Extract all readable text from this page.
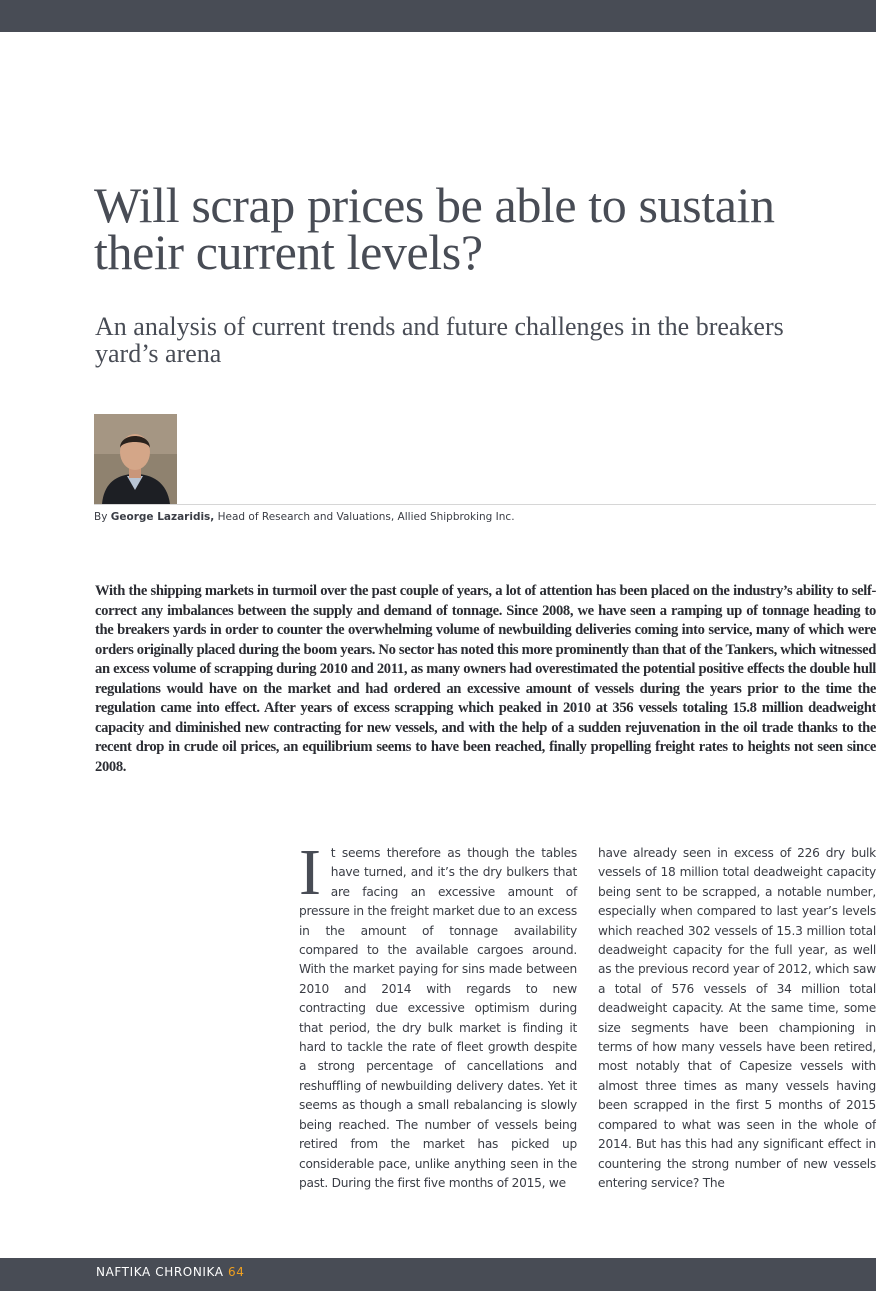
Will scrap prices be able to sustain their current levels?
An analysis of current trends and future challenges in the breakers yard’s arena
By George Lazaridis, Head of Research and Valuations, Allied Shipbroking Inc.

With the shipping markets in turmoil over the past couple of years, a lot of attention has been placed on the industry’s ability to self-correct any imbalances between the supply and demand of tonnage. Since 2008, we have seen a ramping up of tonnage heading to the breakers yards in order to counter the overwhelming volume of newbuilding deliveries coming into service, many of which were orders originally placed during the boom years. No sector has noted this more prominently than that of the Tankers, which witnessed an excess volume of scrapping during 2010 and 2011, as many owners had overestimated the potential positive effects the double hull regulations would have on the market and had ordered an excessive amount of vessels during the years prior to the time the regulation came into effect. After years of excess scrapping which peaked in 2010 at 356 vessels totaling 15.8 million deadweight capacity and diminished new contracting for new vessels, and with the help of a sudden rejuvenation in the oil trade thanks to the recent drop in crude oil prices, an equilibrium seems to have been reached, finally propelling freight rates to heights not seen since 2008.

It seems therefore as though the tables have turned, and it’s the dry bulkers that are facing an excessive amount of pressure in the freight market due to an excess in the amount of tonnage availability compared to the available cargoes around. With the market paying for sins made between 2010 and 2014 with regards to new contracting due excessive optimism during that period, the dry bulk market is finding it hard to tackle the rate of fleet growth despite a strong percentage of cancellations and reshuffling of newbuilding delivery dates. Yet it seems as though a small rebalancing is slowly being reached. The number of vessels being retired from the market has picked up considerable pace, unlike anything seen in the past. During the first five months of 2015, we

have already seen in excess of 226 dry bulk vessels of 18 million total deadweight capacity being sent to be scrapped, a notable number, especially when compared to last year’s levels which reached 302 vessels of 15.3 million total deadweight capacity for the full year, as well as the previous record year of 2012, which saw a total of 576 vessels of 34 million total deadweight capacity. At the same time, some size segments have been championing in terms of how many vessels have been retired, most notably that of Capesize vessels with almost three times as many vessels having been scrapped in the first 5 months of 2015 compared to what was seen in the whole of 2014. But has this had any significant effect in countering the strong number of new vessels entering service? The

NAFTIKA CHRONIKA 64
